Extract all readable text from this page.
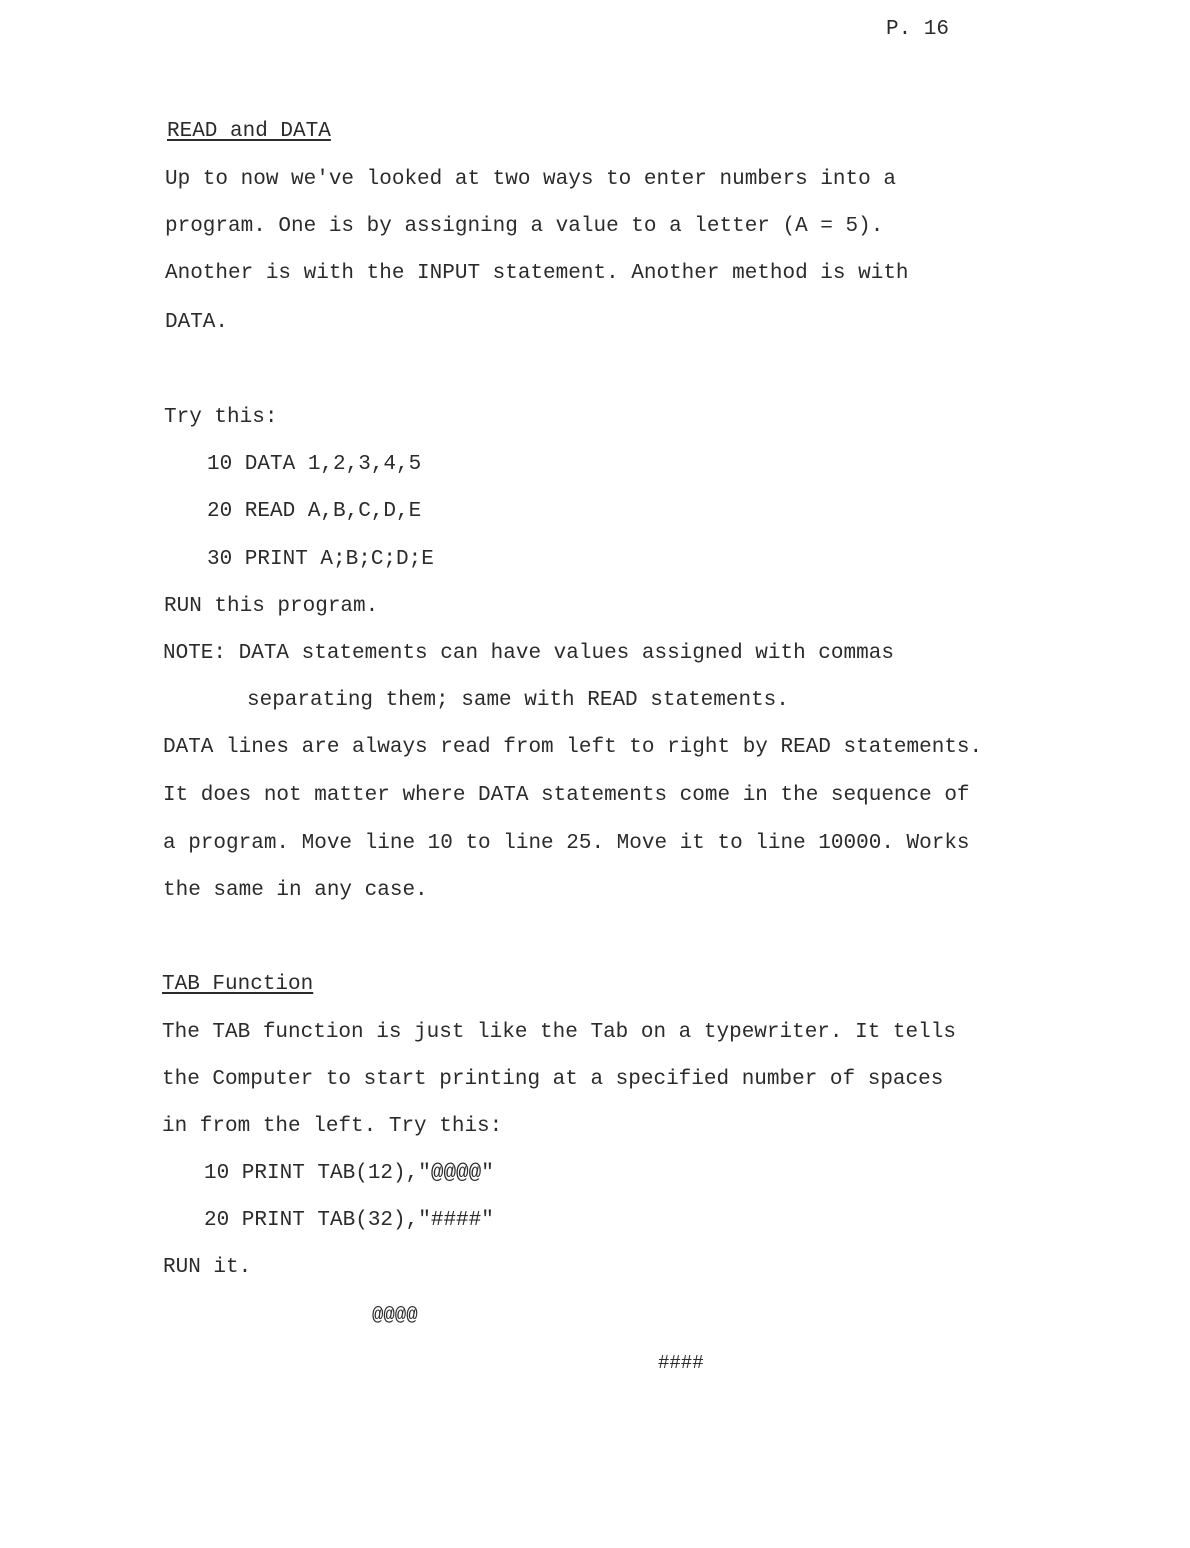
P. 16
READ and DATA
Up to now we've looked at two ways to enter numbers into a
program. One is by assigning a value to a letter (A = 5).
Another is with the INPUT statement. Another method is with
DATA.
Try this:
10 DATA 1,2,3,4,5
20 READ A,B,C,D,E
30 PRINT A;B;C;D;E
RUN this program.
NOTE: DATA statements can have values assigned with commas
separating them; same with READ statements.
DATA lines are always read from left to right by READ statements.
It does not matter where DATA statements come in the sequence of
a program. Move line 10 to line 25. Move it to line 10000. Works
the same in any case.
TAB Function
The TAB function is just like the Tab on a typewriter. It tells
the Computer to start printing at a specified number of spaces
in from the left. Try this:
10 PRINT TAB(12),"@@@@"
20 PRINT TAB(32),"####"
RUN it.
@@@@
####
